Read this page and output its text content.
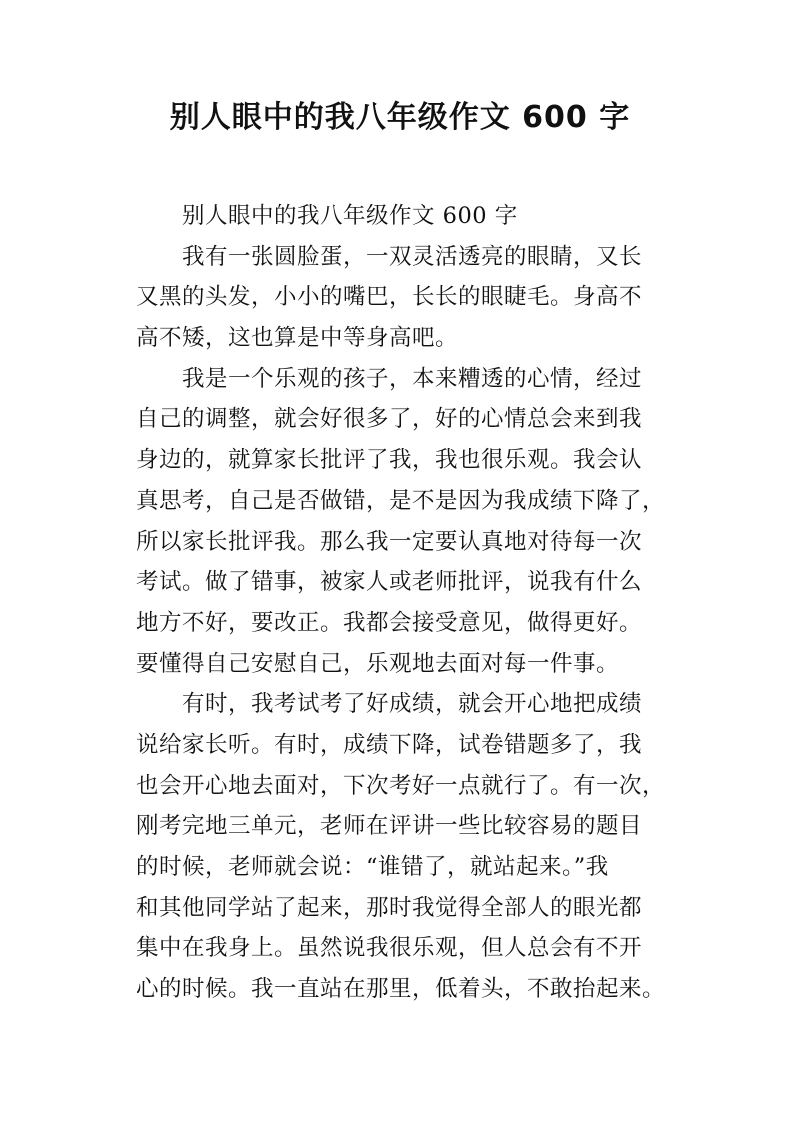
别人眼中的我八年级作文 600 字
别人眼中的我八年级作文 600 字
我有一张圆脸蛋，一双灵活透亮的眼睛，又长
又黑的头发，小小的嘴巴，长长的眼睫毛。身高不
高不矮，这也算是中等身高吧。
我是一个乐观的孩子，本来糟透的心情，经过
自己的调整，就会好很多了，好的心情总会来到我
身边的，就算家长批评了我，我也很乐观。我会认
真思考，自己是否做错，是不是因为我成绩下降了，
所以家长批评我。那么我一定要认真地对待每一次
考试。做了错事，被家人或老师批评，说我有什么
地方不好，要改正。我都会接受意见，做得更好。
要懂得自己安慰自己，乐观地去面对每一件事。
有时，我考试考了好成绩，就会开心地把成绩
说给家长听。有时，成绩下降，试卷错题多了，我
也会开心地去面对，下次考好一点就行了。有一次，
刚考完地三单元，老师在评讲一些比较容易的题目
的时候，老师就会说：“谁错了，就站起来。”我
和其他同学站了起来，那时我觉得全部人的眼光都
集中在我身上。虽然说我很乐观，但人总会有不开
心的时候。我一直站在那里，低着头，不敢抬起来。
